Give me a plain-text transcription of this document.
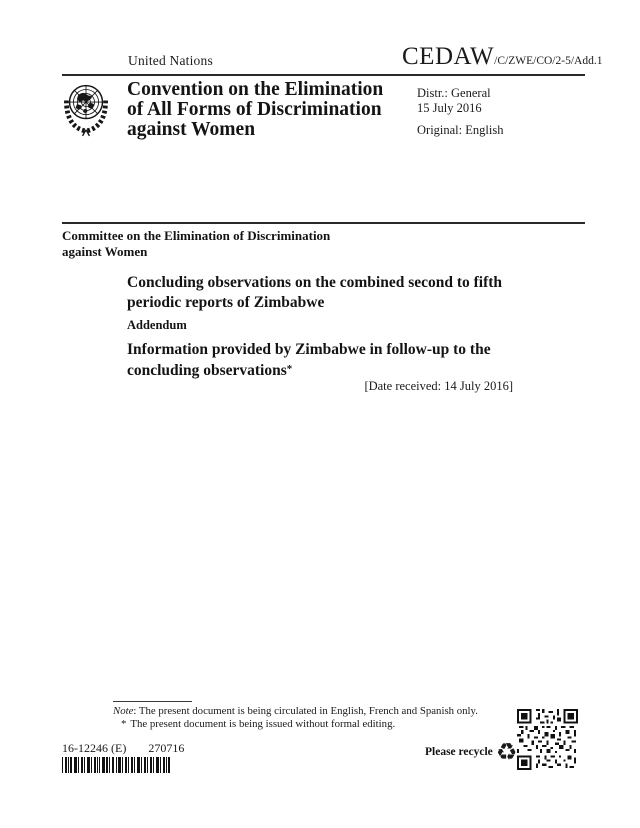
United Nations	CEDAW/C/ZWE/CO/2-5/Add.1
Convention on the Elimination
of All Forms of Discrimination
against Women
Distr.: General
15 July 2016
Original: English
Committee on the Elimination of Discrimination
against Women
Concluding observations on the combined second to fifth
periodic reports of Zimbabwe
Addendum
Information provided by Zimbabwe in follow-up to the
concluding observations*
[Date received: 14 July 2016]
Note: The present document is being circulated in English, French and Spanish only.
* The present document is being issued without formal editing.
16-12246 (E) 270716	Please recycle ♻
